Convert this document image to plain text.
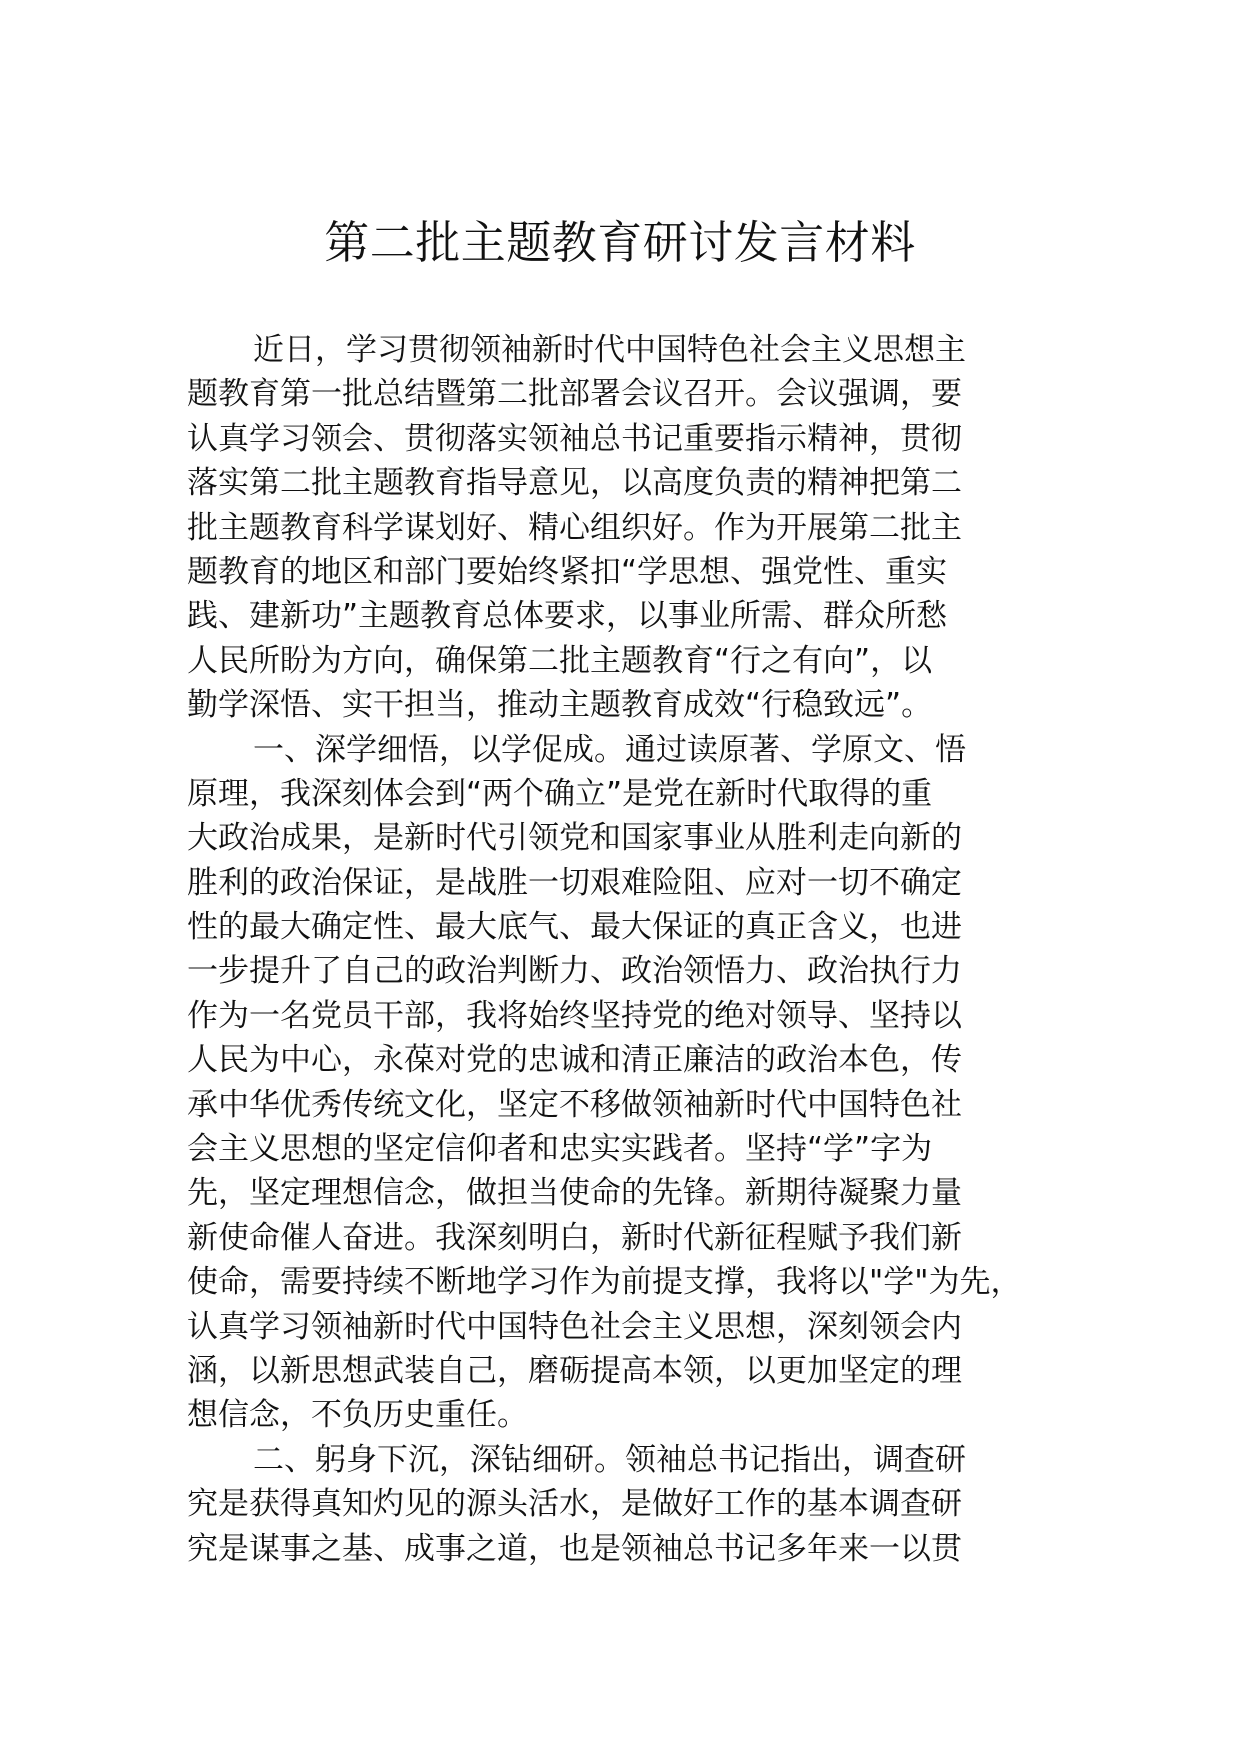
第二批主题教育研讨发言材料
近日，学习贯彻领袖新时代中国特色社会主义思想主
题教育第一批总结暨第二批部署会议召开。会议强调，要
认真学习领会、贯彻落实领袖总书记重要指示精神，贯彻
落实第二批主题教育指导意见，以高度负责的精神把第二
批主题教育科学谋划好、精心组织好。作为开展第二批主
题教育的地区和部门要始终紧扣“学思想、强党性、重实
践、建新功”主题教育总体要求，以事业所需、群众所愁
人民所盼为方向，确保第二批主题教育“行之有向”，以
勤学深悟、实干担当，推动主题教育成效“行稳致远”。
一、深学细悟，以学促成。通过读原著、学原文、悟
原理，我深刻体会到“两个确立”是党在新时代取得的重
大政治成果，是新时代引领党和国家事业从胜利走向新的
胜利的政治保证，是战胜一切艰难险阻、应对一切不确定
性的最大确定性、最大底气、最大保证的真正含义，也进
一步提升了自己的政治判断力、政治领悟力、政治执行力
作为一名党员干部，我将始终坚持党的绝对领导、坚持以
人民为中心，永葆对党的忠诚和清正廉洁的政治本色，传
承中华优秀传统文化，坚定不移做领袖新时代中国特色社
会主义思想的坚定信仰者和忠实实践者。坚持“学”字为
先，坚定理想信念，做担当使命的先锋。新期待凝聚力量
新使命催人奋进。我深刻明白，新时代新征程赋予我们新
使命，需要持续不断地学习作为前提支撑，我将以"学"为先，
认真学习领袖新时代中国特色社会主义思想，深刻领会内
涵，以新思想武装自己，磨砺提高本领，以更加坚定的理
想信念，不负历史重任。
二、躬身下沉，深钻细研。领袖总书记指出，调查研
究是获得真知灼见的源头活水，是做好工作的基本调查研
究是谋事之基、成事之道，也是领袖总书记多年来一以贯
